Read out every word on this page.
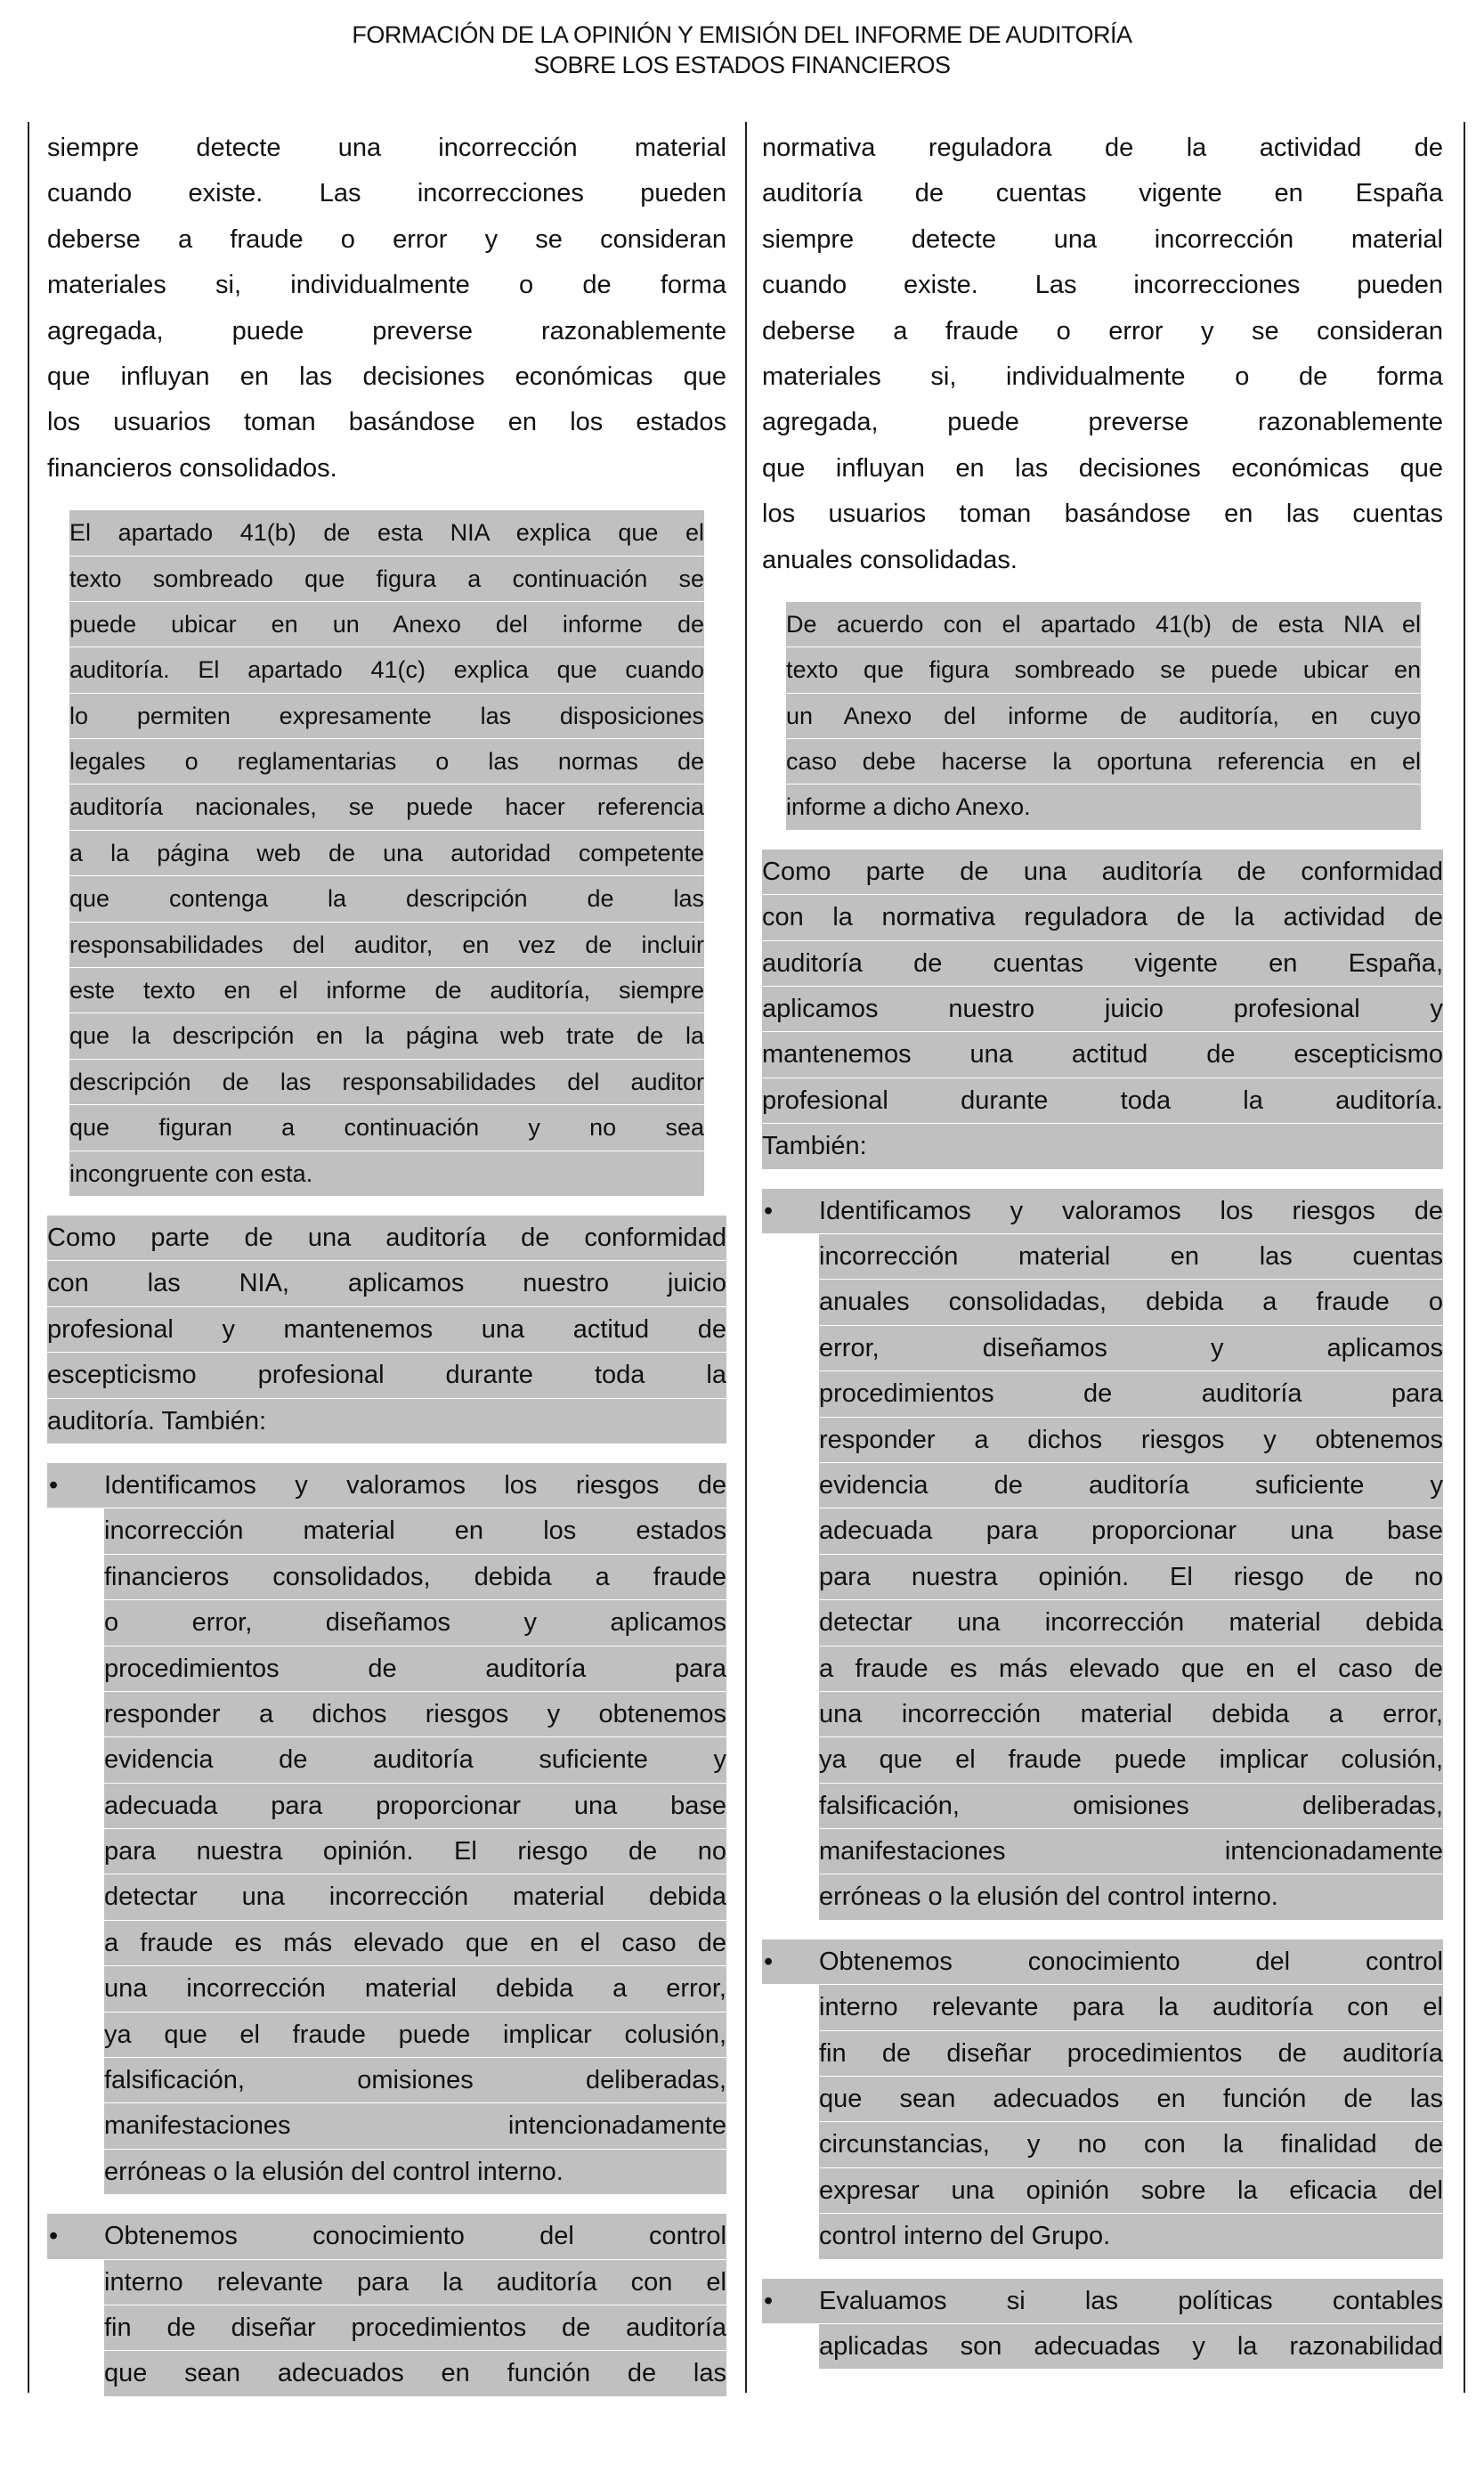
FORMACIÓN DE LA OPINIÓN Y EMISIÓN DEL INFORME DE AUDITORÍA
SOBRE LOS ESTADOS FINANCIEROS
siempre detecte una incorrección material
cuando existe. Las incorrecciones pueden
deberse a fraude o error y se consideran
materiales si, individualmente o de forma
agregada, puede preverse razonablemente
que influyan en las decisiones económicas que
los usuarios toman basándose en los estados
financieros consolidados.
El apartado 41(b) de esta NIA explica que el
texto sombreado que figura a continuación se
puede ubicar en un Anexo del informe de
auditoría. El apartado 41(c) explica que cuando
lo permiten expresamente las disposiciones
legales o reglamentarias o las normas de
auditoría nacionales, se puede hacer referencia
a la página web de una autoridad competente
que contenga la descripción de las
responsabilidades del auditor, en vez de incluir
este texto en el informe de auditoría, siempre
que la descripción en la página web trate de la
descripción de las responsabilidades del auditor
que figuran a continuación y no sea
incongruente con esta.
Como parte de una auditoría de conformidad
con las NIA, aplicamos nuestro juicio
profesional y mantenemos una actitud de
escepticismo profesional durante toda la
auditoría. También:
•	Identificamos y valoramos los riesgos de
incorrección material en los estados
financieros consolidados, debida a fraude
o error, diseñamos y aplicamos
procedimientos de auditoría para
responder a dichos riesgos y obtenemos
evidencia de auditoría suficiente y
adecuada para proporcionar una base
para nuestra opinión. El riesgo de no
detectar una incorrección material debida
a fraude es más elevado que en el caso de
una incorrección material debida a error,
ya que el fraude puede implicar colusión,
falsificación, omisiones deliberadas,
manifestaciones intencionadamente
erróneas o la elusión del control interno.
•	Obtenemos conocimiento del control
interno relevante para la auditoría con el
fin de diseñar procedimientos de auditoría
que sean adecuados en función de las
normativa reguladora de la actividad de
auditoría de cuentas vigente en España
siempre detecte una incorrección material
cuando existe. Las incorrecciones pueden
deberse a fraude o error y se consideran
materiales si, individualmente o de forma
agregada, puede preverse razonablemente
que influyan en las decisiones económicas que
los usuarios toman basándose en las cuentas
anuales consolidadas.
De acuerdo con el apartado 41(b) de esta NIA el
texto que figura sombreado se puede ubicar en
un Anexo del informe de auditoría, en cuyo
caso debe hacerse la oportuna referencia en el
informe a dicho Anexo.
Como parte de una auditoría de conformidad
con la normativa reguladora de la actividad de
auditoría de cuentas vigente en España,
aplicamos nuestro juicio profesional y
mantenemos una actitud de escepticismo
profesional durante toda la auditoría.
También:
•	Identificamos y valoramos los riesgos de
incorrección material en las cuentas
anuales consolidadas, debida a fraude o
error, diseñamos y aplicamos
procedimientos de auditoría para
responder a dichos riesgos y obtenemos
evidencia de auditoría suficiente y
adecuada para proporcionar una base
para nuestra opinión. El riesgo de no
detectar una incorrección material debida
a fraude es más elevado que en el caso de
una incorrección material debida a error,
ya que el fraude puede implicar colusión,
falsificación, omisiones deliberadas,
manifestaciones intencionadamente
erróneas o la elusión del control interno.
•	Obtenemos conocimiento del control
interno relevante para la auditoría con el
fin de diseñar procedimientos de auditoría
que sean adecuados en función de las
circunstancias, y no con la finalidad de
expresar una opinión sobre la eficacia del
control interno del Grupo.
•	Evaluamos si las políticas contables
aplicadas son adecuadas y la razonabilidad
